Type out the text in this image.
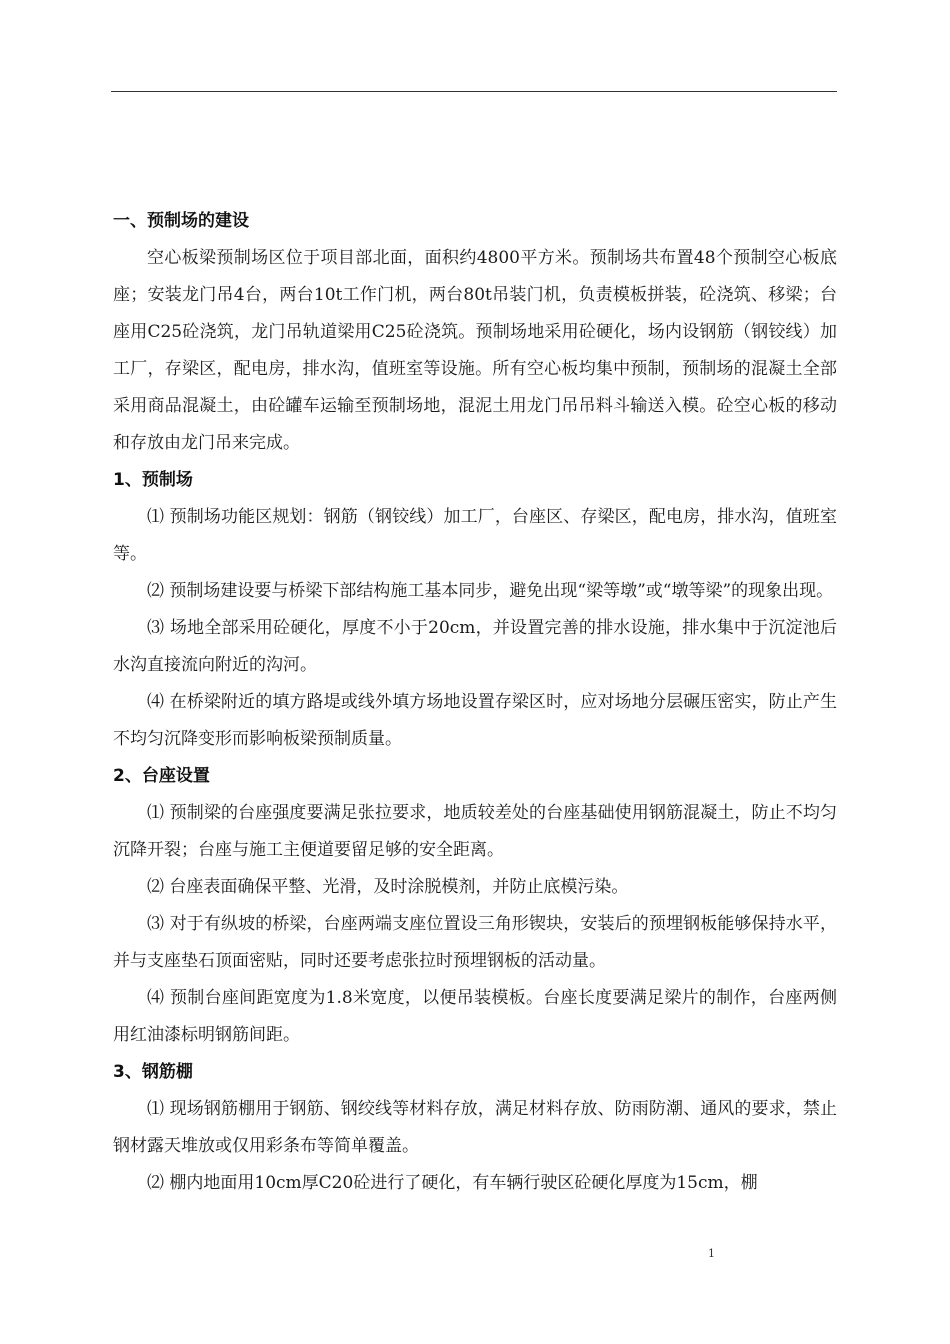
一、预制场的建设

空心板梁预制场区位于项目部北面，面积约4800平方米。预制场共布置48个预制空心板底座；安装龙门吊4台，两台10t工作门机，两台80t吊装门机，负责模板拼装，砼浇筑、移梁；台座用C25砼浇筑，龙门吊轨道梁用C25砼浇筑。预制场地采用砼硬化，场内设钢筋（钢铰线）加工厂，存梁区，配电房，排水沟，值班室等设施。所有空心板均集中预制，预制场的混凝土全部采用商品混凝土，由砼罐车运输至预制场地，混泥土用龙门吊吊料斗输送入模。砼空心板的移动和存放由龙门吊来完成。

1、预制场

⑴ 预制场功能区规划：钢筋（钢铰线）加工厂，台座区、存梁区，配电房，排水沟，值班室等。

⑵ 预制场建设要与桥梁下部结构施工基本同步，避免出现“梁等墩”或“墩等梁”的现象出现。

⑶ 场地全部采用砼硬化，厚度不小于20cm，并设置完善的排水设施，排水集中于沉淀池后水沟直接流向附近的沟河。

⑷ 在桥梁附近的填方路堤或线外填方场地设置存梁区时，应对场地分层碾压密实，防止产生不均匀沉降变形而影响板梁预制质量。

2、台座设置

⑴ 预制梁的台座强度要满足张拉要求，地质较差处的台座基础使用钢筋混凝土，防止不均匀沉降开裂；台座与施工主便道要留足够的安全距离。

⑵ 台座表面确保平整、光滑，及时涂脱模剂，并防止底模污染。

⑶ 对于有纵坡的桥梁，台座两端支座位置设三角形锲块，安装后的预埋钢板能够保持水平，并与支座垫石顶面密贴，同时还要考虑张拉时预埋钢板的活动量。

⑷ 预制台座间距宽度为1.8米宽度，以便吊装模板。台座长度要满足梁片的制作，台座两侧用红油漆标明钢筋间距。

3、钢筋棚

⑴ 现场钢筋棚用于钢筋、钢绞线等材料存放，满足材料存放、防雨防潮、通风的要求，禁止钢材露天堆放或仅用彩条布等简单覆盖。

⑵ 棚内地面用10cm厚C20砼进行了硬化，有车辆行驶区砼硬化厚度为15cm，棚

1
